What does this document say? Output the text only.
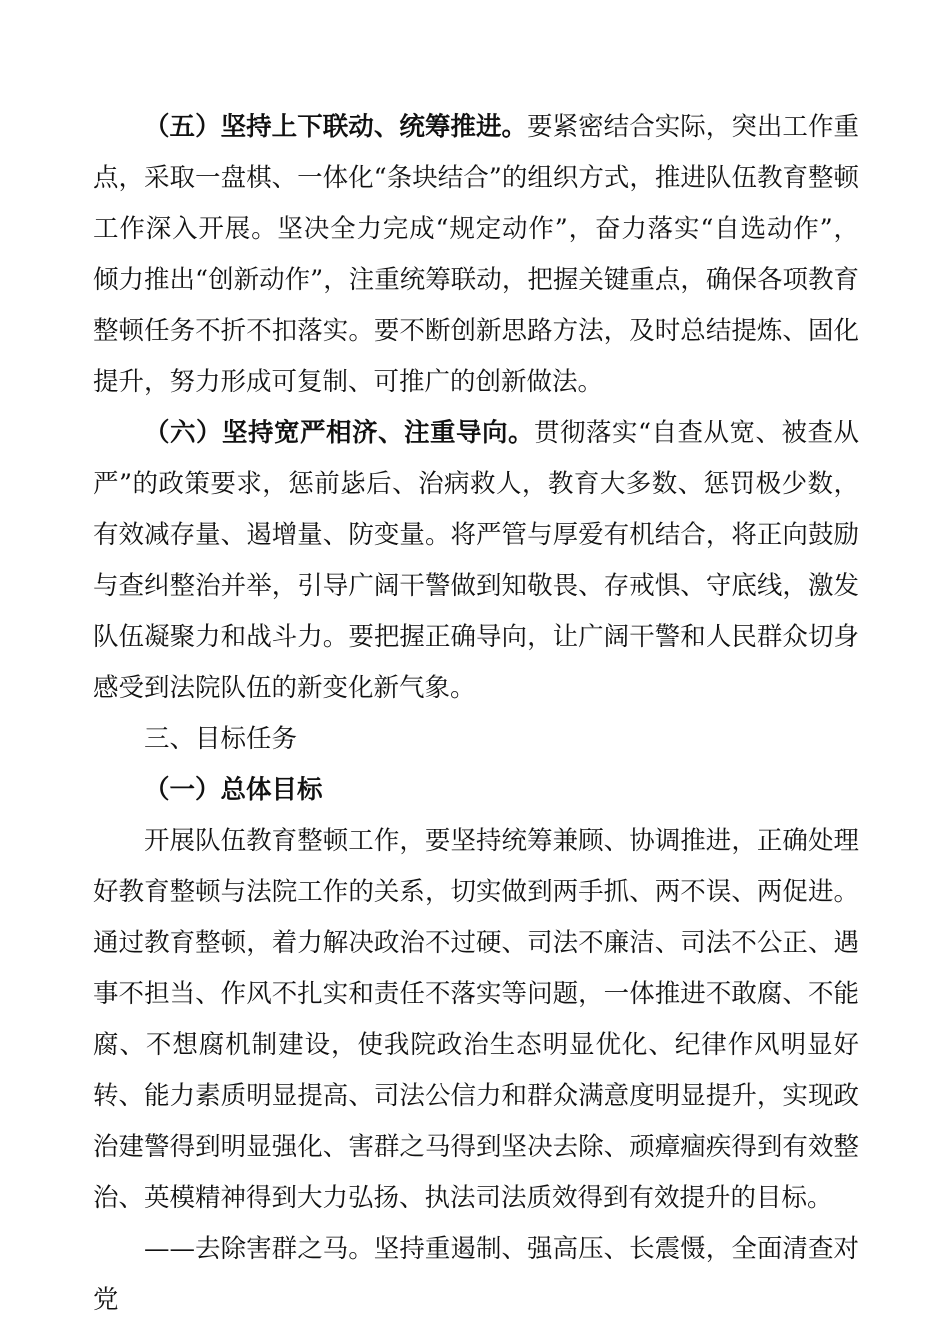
（五）坚持上下联动、统筹推进。要紧密结合实际，突出工作重点，采取一盘棋、一体化“条块结合”的组织方式，推进队伍教育整顿工作深入开展。坚决全力完成“规定动作”，奋力落实“自选动作”，倾力推出“创新动作”，注重统筹联动，把握关键重点，确保各项教育整顿任务不折不扣落实。要不断创新思路方法，及时总结提炼、固化提升，努力形成可复制、可推广的创新做法。

（六）坚持宽严相济、注重导向。贯彻落实“自查从宽、被查从严”的政策要求，惩前毖后、治病救人，教育大多数、惩罚极少数，有效减存量、遏增量、防变量。将严管与厚爱有机结合，将正向鼓励与查纠整治并举，引导广阔干警做到知敬畏、存戒惧、守底线，激发队伍凝聚力和战斗力。要把握正确导向，让广阔干警和人民群众切身感受到法院队伍的新变化新气象。

三、目标任务

（一）总体目标

开展队伍教育整顿工作，要坚持统筹兼顾、协调推进，正确处理好教育整顿与法院工作的关系，切实做到两手抓、两不误、两促进。通过教育整顿，着力解决政治不过硬、司法不廉洁、司法不公正、遇事不担当、作风不扎实和责任不落实等问题，一体推进不敢腐、不能腐、不想腐机制建设，使我院政治生态明显优化、纪律作风明显好转、能力素质明显提高、司法公信力和群众满意度明显提升，实现政治建警得到明显强化、害群之马得到坚决去除、顽瘴痼疾得到有效整治、英模精神得到大力弘扬、执法司法质效得到有效提升的目标。

——去除害群之马。坚持重遏制、强高压、长震慑，全面清查对党
